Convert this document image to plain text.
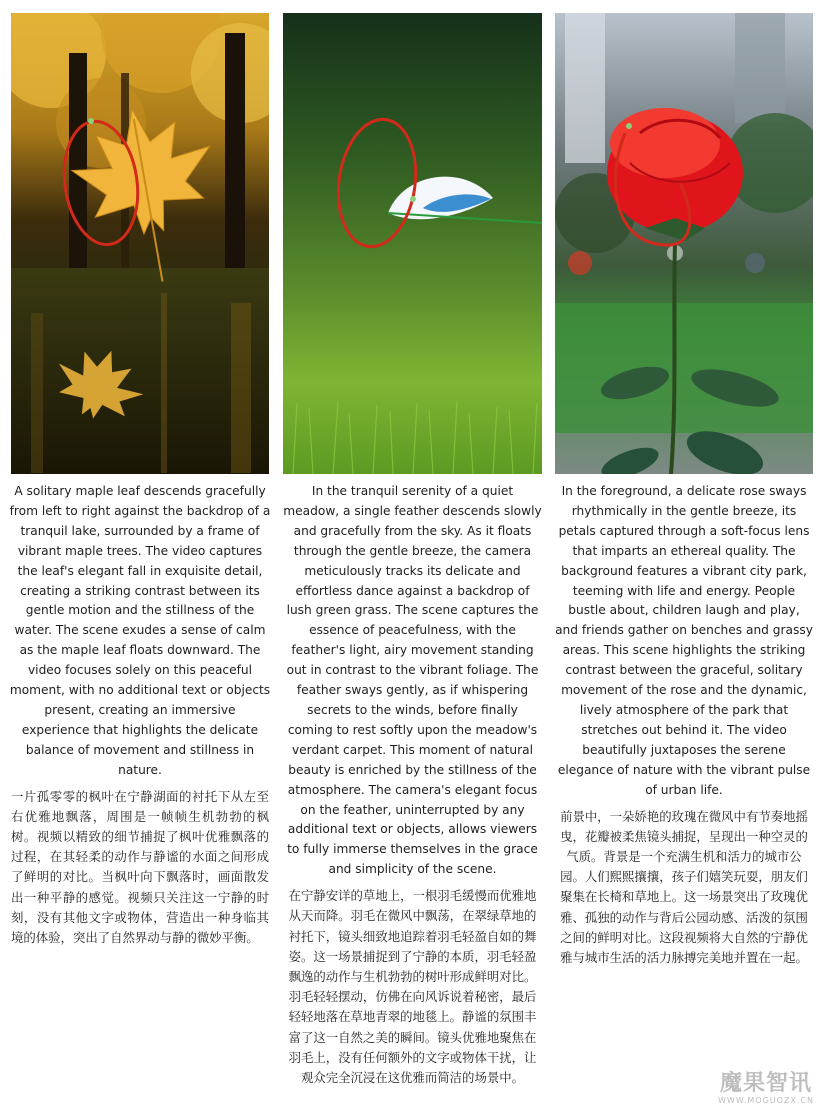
A solitary maple leaf descends gracefully from left to right against the backdrop of a tranquil lake, surrounded by a frame of vibrant maple trees. The video captures the leaf's elegant fall in exquisite detail, creating a striking contrast between its gentle motion and the stillness of the water. The scene exudes a sense of calm as the maple leaf floats downward. The video focuses solely on this peaceful moment, with no additional text or objects present, creating an immersive experience that highlights the delicate balance of movement and stillness in nature.
一片孤零零的枫叶在宁静湖面的衬托下从左至右优雅地飘落，周围是一帧帧生机勃勃的枫树。视频以精致的细节捕捉了枫叶优雅飘落的过程，在其轻柔的动作与静谧的水面之间形成了鲜明的对比。当枫叶向下飘落时，画面散发出一种平静的感觉。视频只关注这一宁静的时刻，没有其他文字或物体，营造出一种身临其境的体验，突出了自然界动与静的微妙平衡。
In the tranquil serenity of a quiet meadow, a single feather descends slowly and gracefully from the sky. As it floats through the gentle breeze, the camera meticulously tracks its delicate and effortless dance against a backdrop of lush green grass. The scene captures the essence of peacefulness, with the feather's light, airy movement standing out in contrast to the vibrant foliage. The feather sways gently, as if whispering secrets to the winds, before finally coming to rest softly upon the meadow's verdant carpet. This moment of natural beauty is enriched by the stillness of the atmosphere. The camera's elegant focus on the feather, uninterrupted by any additional text or objects, allows viewers to fully immerse themselves in the grace and simplicity of the scene.
在宁静安详的草地上，一根羽毛缓慢而优雅地从天而降。羽毛在微风中飘荡，在翠绿草地的衬托下，镜头细致地追踪着羽毛轻盈自如的舞姿。这一场景捕捉到了宁静的本质，羽毛轻盈飘逸的动作与生机勃勃的树叶形成鲜明对比。羽毛轻轻摆动，仿佛在向风诉说着秘密，最后轻轻地落在草地青翠的地毯上。静谧的氛围丰富了这一自然之美的瞬间。镜头优雅地聚焦在羽毛上，没有任何额外的文字或物体干扰，让观众完全沉浸在这优雅而简洁的场景中。
In the foreground, a delicate rose sways rhythmically in the gentle breeze, its petals captured through a soft-focus lens that imparts an ethereal quality. The background features a vibrant city park, teeming with life and energy. People bustle about, children laugh and play, and friends gather on benches and grassy areas. This scene highlights the striking contrast between the graceful, solitary movement of the rose and the dynamic, lively atmosphere of the park that stretches out behind it. The video beautifully juxtaposes the serene elegance of nature with the vibrant pulse of urban life.
前景中，一朵娇艳的玫瑰在微风中有节奏地摇曳，花瓣被柔焦镜头捕捉，呈现出一种空灵的气质。背景是一个充满生机和活力的城市公园。人们熙熙攘攘，孩子们嬉笑玩耍，朋友们聚集在长椅和草地上。这一场景突出了玫瑰优雅、孤独的动作与背后公园动感、活泼的氛围之间的鲜明对比。这段视频将大自然的宁静优雅与城市生活的活力脉搏完美地并置在一起。
魔果智讯
WWW.MOGUOZX.CN
